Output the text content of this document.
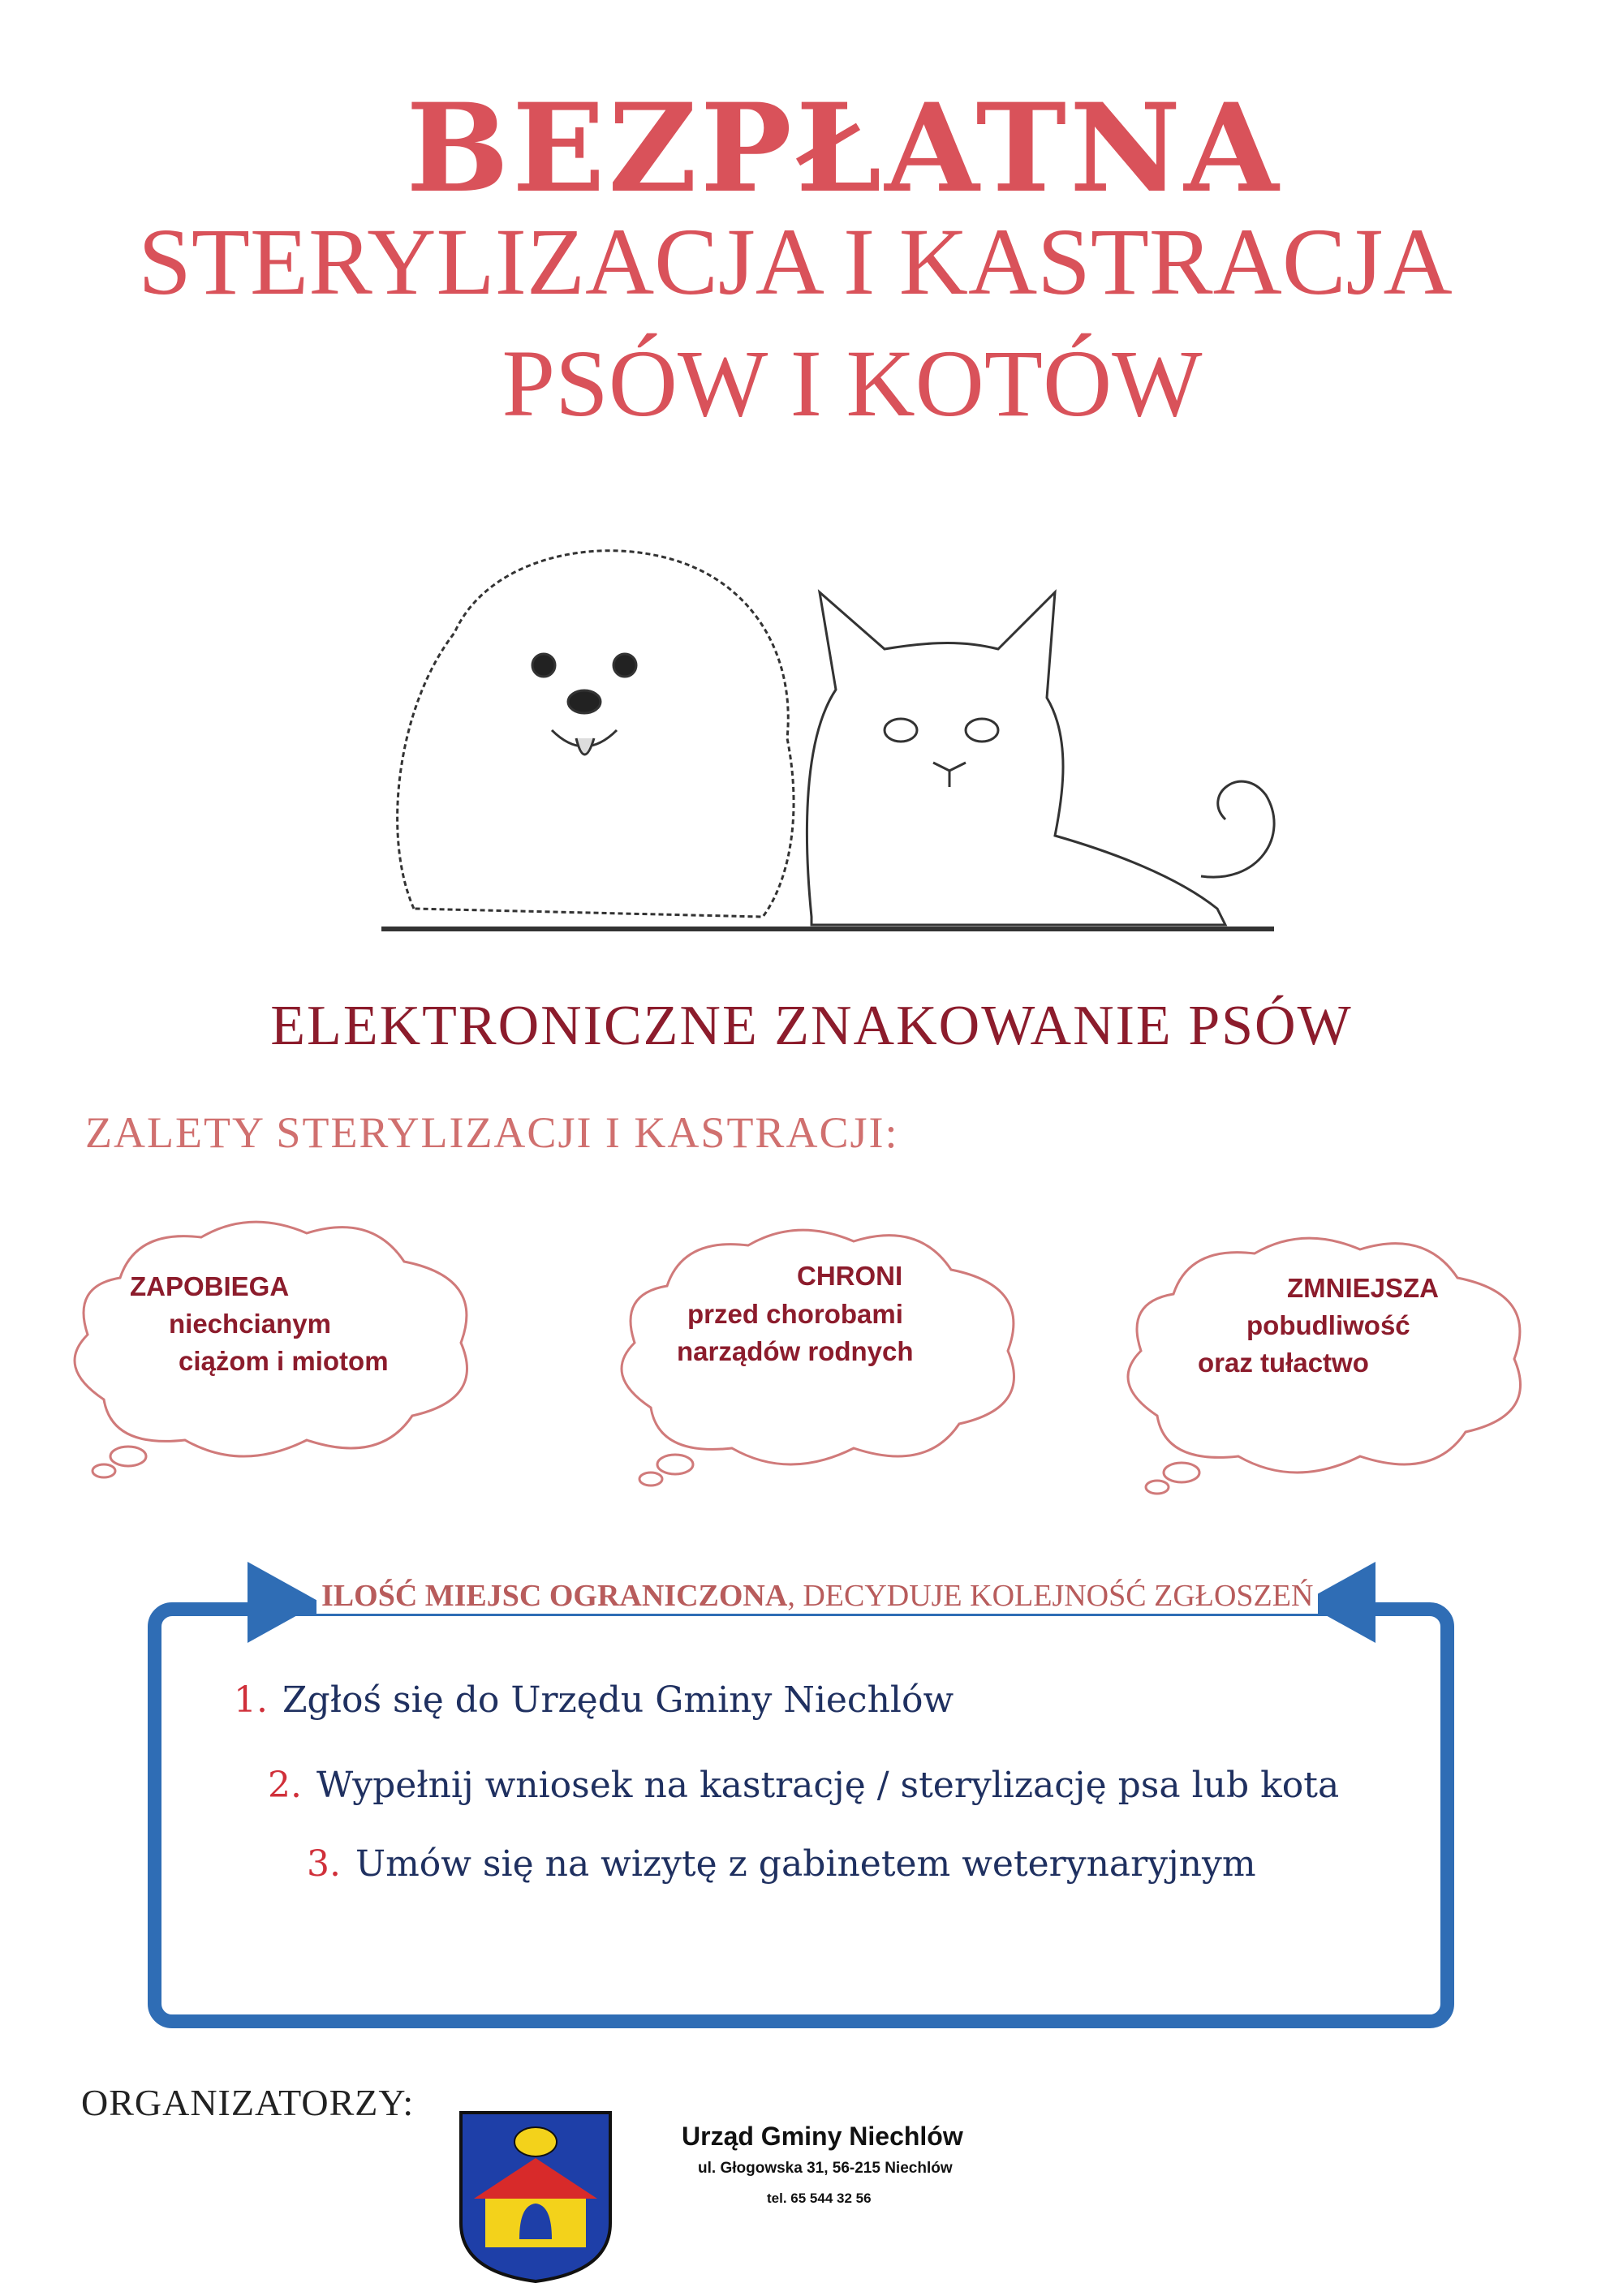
BEZPŁATNA
STERYLIZACJA I KASTRACJA
PSÓW I KOTÓW
ELEKTRONICZNE ZNAKOWANIE PSÓW
ZALETY STERYLIZACJI I KASTRACJI:
ZAPOBIEGA
niechcianym
ciążom i miotom
CHRONI
przed chorobami
narządów rodnych
ZMNIEJSZA
pobudliwość
oraz tułactwo
ILOŚĆ MIEJSC OGRANICZONA, DECYDUJE KOLEJNOŚĆ ZGŁOSZEŃ
1. Zgłoś się do Urzędu Gminy Niechlów
2. Wypełnij wniosek na kastrację / sterylizację psa lub kota
3. Umów się na wizytę z gabinetem weterynaryjnym
ORGANIZATORZY:
Urząd Gminy Niechlów
ul. Głogowska 31, 56-215 Niechlów
tel. 65 544 32 56
